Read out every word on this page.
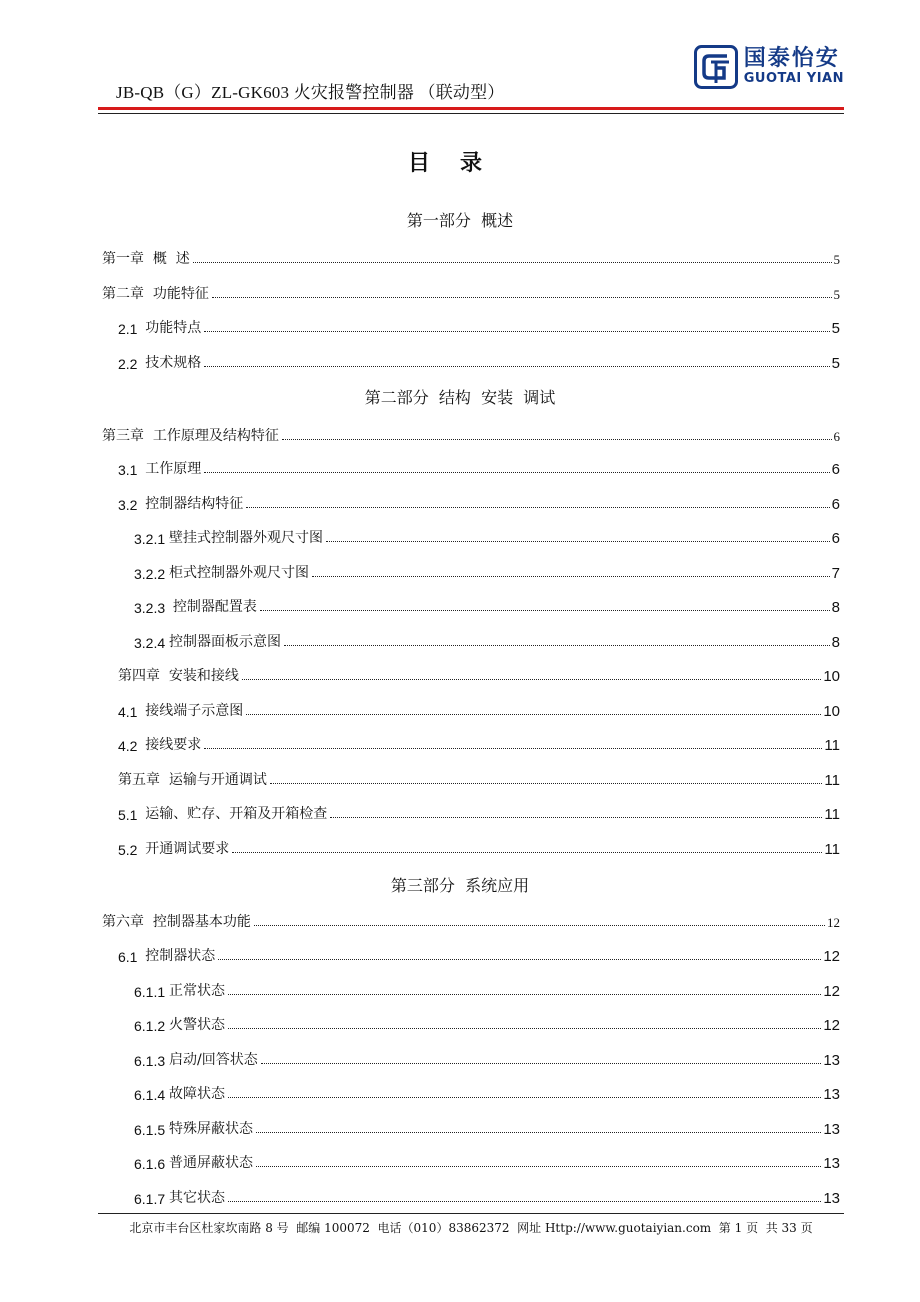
JB-QB（G）ZL-GK603 火灾报警控制器 （联动型）
国泰怡安
GUOTAI YIAN
目录
第一部分  概述
第二部分  结构  安装  调试
第三部分  系统应用
第一章  概  述	5
第二章  功能特征	5
2.1 功能特点	5
2.2 技术规格	5
第三章  工作原理及结构特征	6
3.1 工作原理	6
3.2 控制器结构特征	6
3.2.1 壁挂式控制器外观尺寸图	6
3.2.2 柜式控制器外观尺寸图	7
3.2.3 控制器配置表	8
3.2.4 控制器面板示意图	8
第四章  安装和接线	10
4.1 接线端子示意图	10
4.2 接线要求	11
第五章  运输与开通调试	11
5.1 运输、贮存、开箱及开箱检查	11
5.2 开通调试要求	11
第六章  控制器基本功能	12
6.1 控制器状态	12
6.1.1 正常状态	12
6.1.2 火警状态	12
6.1.3 启动/回答状态	13
6.1.4 故障状态	13
6.1.5 特殊屏蔽状态	13
6.1.6 普通屏蔽状态	13
6.1.7 其它状态	13
北京市丰台区杜家坎南路 8 号  邮编 100072  电话（010）83862372  网址 Http://www.guotaiyian.com  第 1 页  共 33 页
